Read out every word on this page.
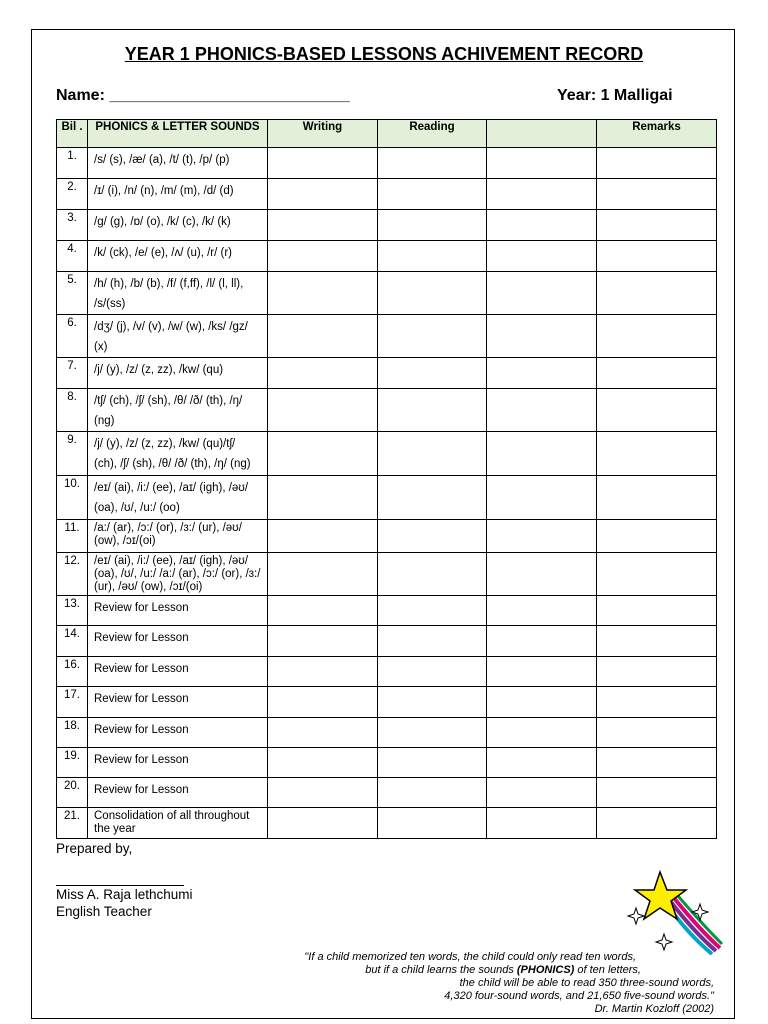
YEAR 1 PHONICS-BASED LESSONS ACHIVEMENT RECORD
Name: ___________________________	Year: 1 Malligai
Bil .	PHONICS & LETTER SOUNDS	Writing	Reading		Remarks
1.	/s/ (s), /æ/ (a), /t/ (t), /p/ (p)				
2.	/ɪ/ (i), /n/ (n), /m/ (m), /d/ (d)				
3.	/g/ (g), /ɒ/ (o), /k/ (c), /k/ (k)				
4.	/k/ (ck), /e/ (e), /ʌ/ (u), /r/ (r)				
5.	/h/ (h), /b/ (b), /f/ (f,ff), /l/ (l, ll), /s/(ss)				
6.	/dʒ/ (j), /v/ (v), /w/ (w), /ks/ /gz/ (x)				
7.	/j/ (y), /z/ (z, zz), /kw/ (qu)				
8.	/tʃ/ (ch), /ʃ/ (sh), /θ/ /ð/ (th), /ŋ/ (ng)				
9.	/j/ (y), /z/ (z, zz), /kw/ (qu)/tʃ/ (ch), /ʃ/ (sh), /θ/ /ð/ (th), /ŋ/ (ng)				
10.	/eɪ/ (ai), /i:/ (ee), /aɪ/ (igh), /əʊ/ (oa), /ʊ/, /u:/ (oo)				
11.	/a:/ (ar), /ɔ:/ (or), /ɜ:/ (ur), /əʊ/ (ow), /ɔɪ/(oi)				
12.	/eɪ/ (ai), /i:/ (ee), /aɪ/ (igh), /əʊ/ (oa), /ʊ/, /u:/ /a:/ (ar), /ɔ:/ (or), /ɜ:/ (ur), /əʊ/ (ow), /ɔɪ/(oi)				
13.	Review for Lesson				
14.	Review for Lesson				
16.	Review for Lesson				
17.	Review for Lesson				
18.	Review for Lesson				
19.	Review for Lesson				
20.	Review for Lesson				
21.	Consolidation of all throughout the year				
Prepared by,
Miss A. Raja lethchumi
English Teacher
"If a child memorized ten words, the child could only read ten words,
but if a child learns the sounds (PHONICS) of ten letters,
the child will be able to read 350 three-sound words,
4,320 four-sound words, and 21,650 five-sound words."
Dr. Martin Kozloff (2002)
